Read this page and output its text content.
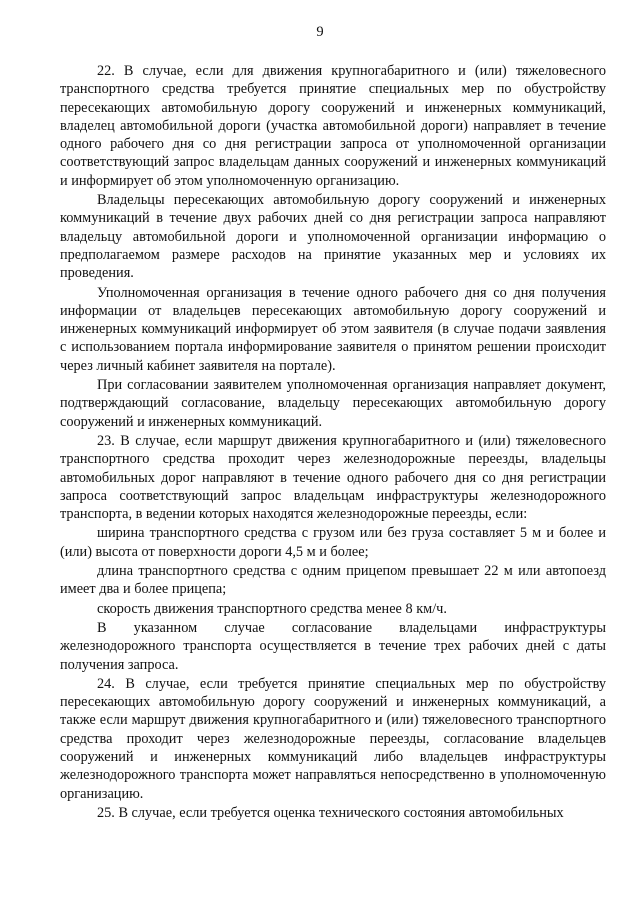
9

22. В случае, если для движения крупногабаритного и (или) тяжеловесного транспортного средства требуется принятие специальных мер по обустройству пересекающих автомобильную дорогу сооружений и инженерных коммуникаций, владелец автомобильной дороги (участка автомобильной дороги) направляет в течение одного рабочего дня со дня регистрации запроса от уполномоченной организации соответствующий запрос владельцам данных сооружений и инженерных коммуникаций и информирует об этом уполномоченную организацию.

Владельцы пересекающих автомобильную дорогу сооружений и инженерных коммуникаций в течение двух рабочих дней со дня регистрации запроса направляют владельцу автомобильной дороги и уполномоченной организации информацию о предполагаемом размере расходов на принятие указанных мер и условиях их проведения.

Уполномоченная организация в течение одного рабочего дня со дня получения информации от владельцев пересекающих автомобильную дорогу сооружений и инженерных коммуникаций информирует об этом заявителя (в случае подачи заявления с использованием портала информирование заявителя о принятом решении происходит через личный кабинет заявителя на портале).

При согласовании заявителем уполномоченная организация направляет документ, подтверждающий согласование, владельцу пересекающих автомобильную дорогу сооружений и инженерных коммуникаций.

23. В случае, если маршрут движения крупногабаритного и (или) тяжеловесного транспортного средства проходит через железнодорожные переезды, владельцы автомобильных дорог направляют в течение одного рабочего дня со дня регистрации запроса соответствующий запрос владельцам инфраструктуры железнодорожного транспорта, в ведении которых находятся железнодорожные переезды, если:

ширина транспортного средства с грузом или без груза составляет 5 м и более и (или) высота от поверхности дороги 4,5 м и более;

длина транспортного средства с одним прицепом превышает 22 м или автопоезд имеет два и более прицепа;

скорость движения транспортного средства менее 8 км/ч.

В указанном случае согласование владельцами инфраструктуры железнодорожного транспорта осуществляется в течение трех рабочих дней с даты получения запроса.

24. В случае, если требуется принятие специальных мер по обустройству пересекающих автомобильную дорогу сооружений и инженерных коммуникаций, а также если маршрут движения крупногабаритного и (или) тяжеловесного транспортного средства проходит через железнодорожные переезды, согласование владельцев сооружений и инженерных коммуникаций либо владельцев инфраструктуры железнодорожного транспорта может направляться непосредственно в уполномоченную организацию.

25. В случае, если требуется оценка технического состояния автомобильных
